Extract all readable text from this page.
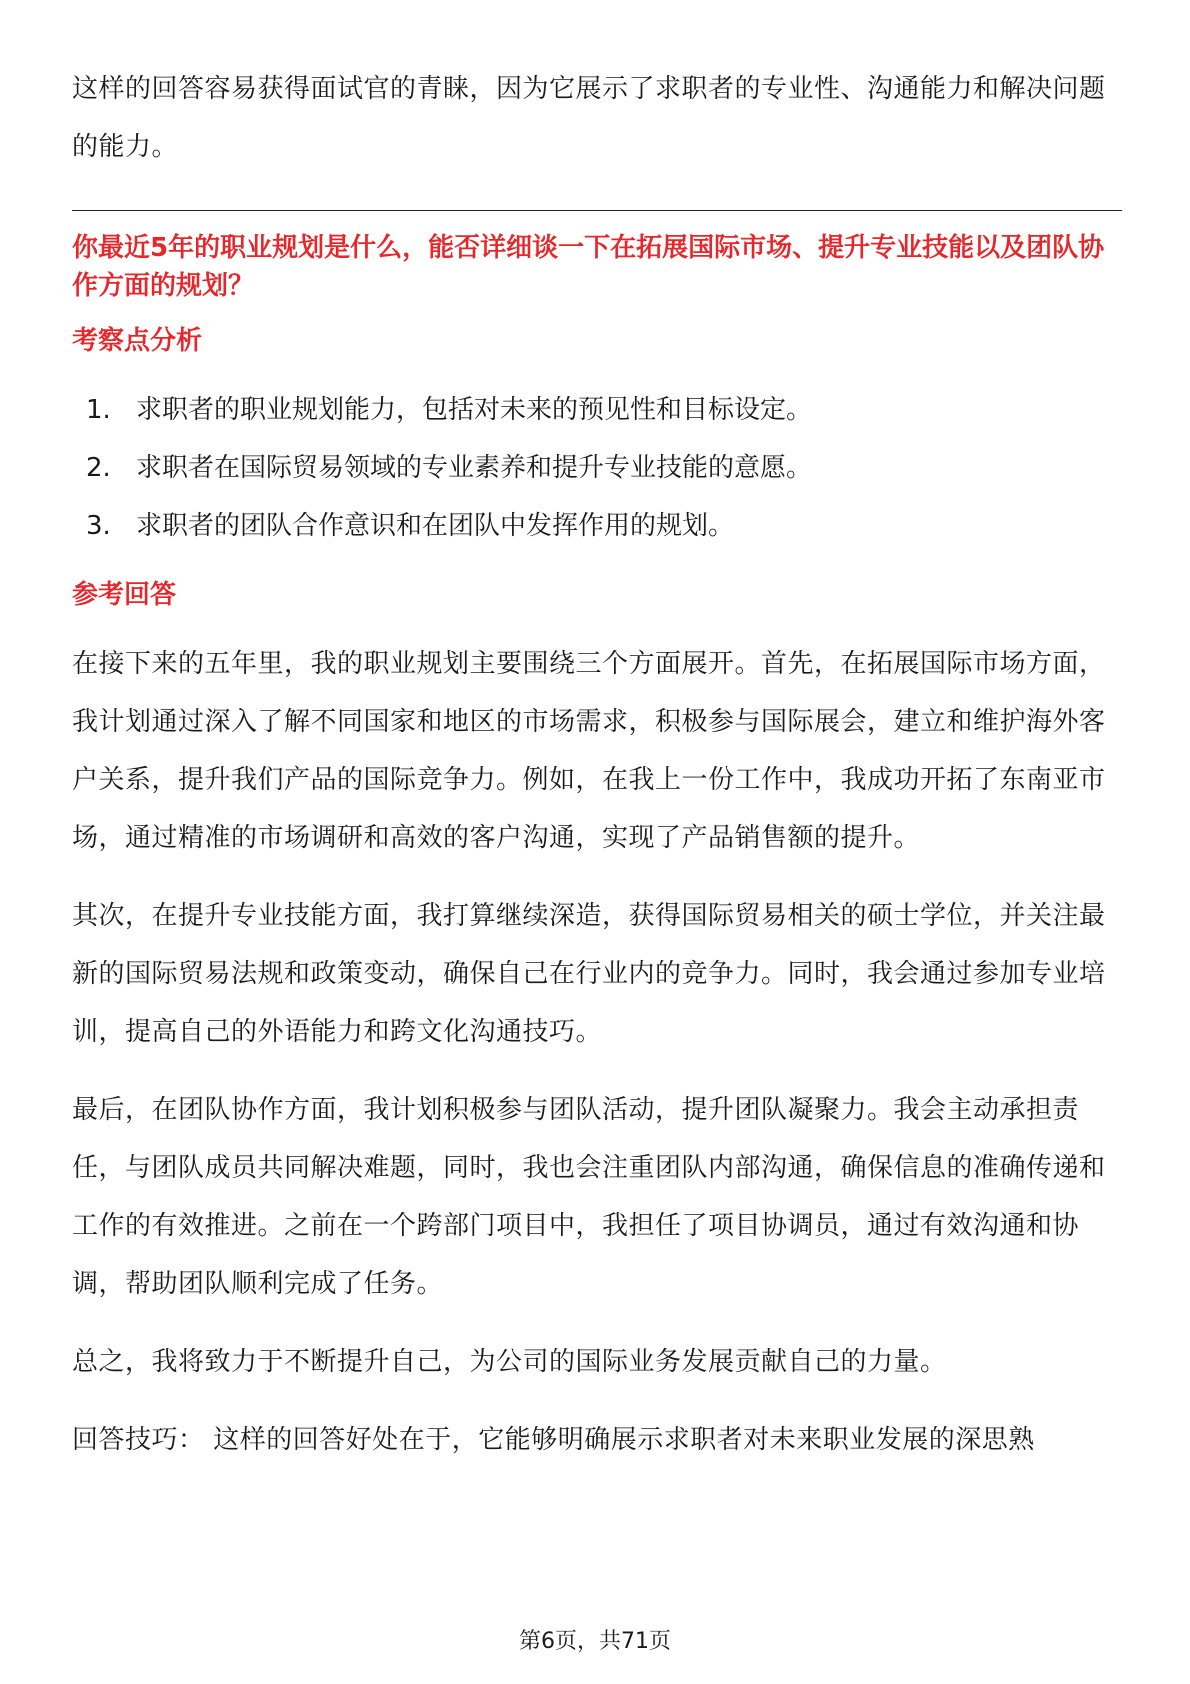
这样的回答容易获得面试官的青睐，因为它展示了求职者的专业性、沟通能力和解决问题的能力。

你最近5年的职业规划是什么，能否详细谈一下在拓展国际市场、提升专业技能以及团队协作方面的规划？

考察点分析

1. 求职者的职业规划能力，包括对未来的预见性和目标设定。
2. 求职者在国际贸易领域的专业素养和提升专业技能的意愿。
3. 求职者的团队合作意识和在团队中发挥作用的规划。

参考回答

在接下来的五年里，我的职业规划主要围绕三个方面展开。首先，在拓展国际市场方面，我计划通过深入了解不同国家和地区的市场需求，积极参与国际展会，建立和维护海外客户关系，提升我们产品的国际竞争力。例如，在我上一份工作中，我成功开拓了东南亚市场，通过精准的市场调研和高效的客户沟通，实现了产品销售额的提升。

其次，在提升专业技能方面，我打算继续深造，获得国际贸易相关的硕士学位，并关注最新的国际贸易法规和政策变动，确保自己在行业内的竞争力。同时，我会通过参加专业培训，提高自己的外语能力和跨文化沟通技巧。

最后，在团队协作方面，我计划积极参与团队活动，提升团队凝聚力。我会主动承担责任，与团队成员共同解决难题，同时，我也会注重团队内部沟通，确保信息的准确传递和工作的有效推进。之前在一个跨部门项目中，我担任了项目协调员，通过有效沟通和协调，帮助团队顺利完成了任务。

总之，我将致力于不断提升自己，为公司的国际业务发展贡献自己的力量。

回答技巧： 这样的回答好处在于，它能够明确展示求职者对未来职业发展的深思熟

第6页，共71页
